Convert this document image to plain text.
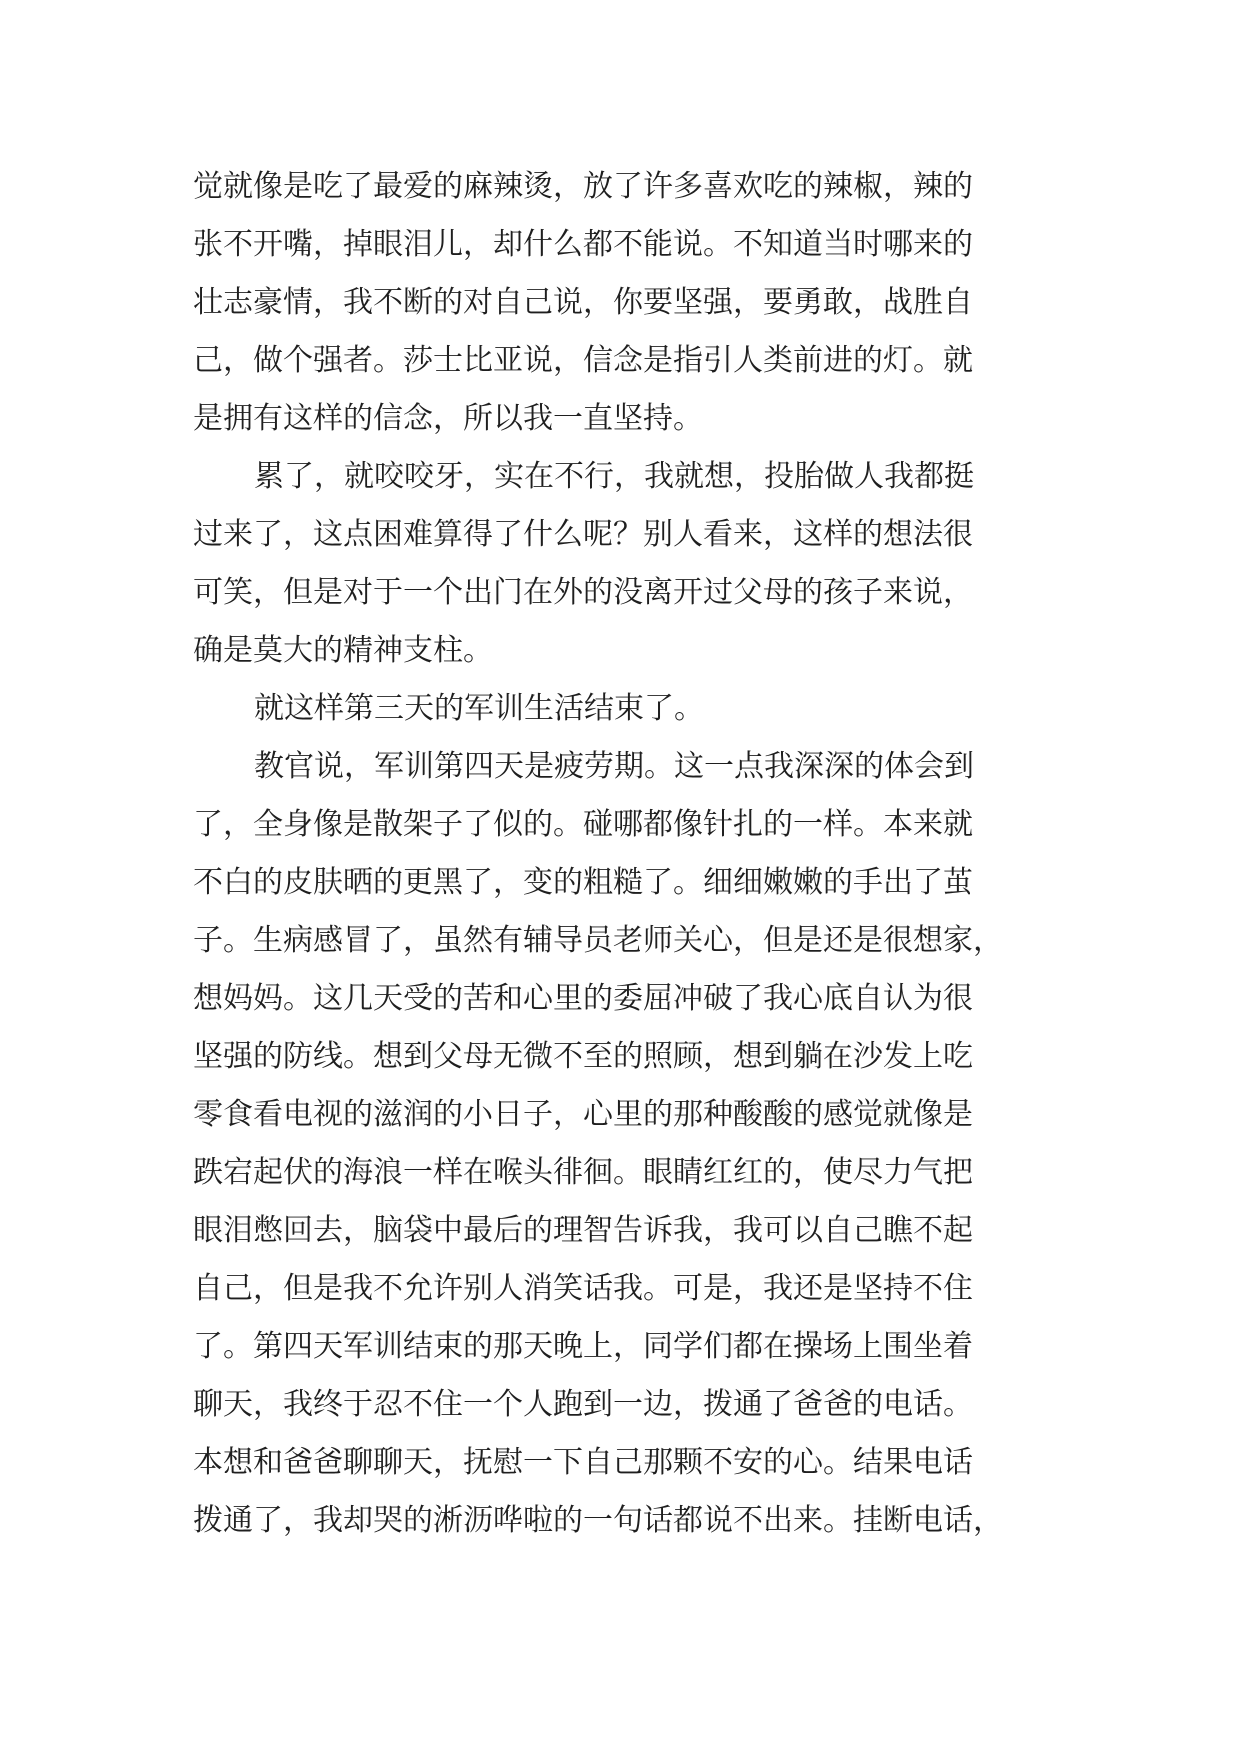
觉就像是吃了最爱的麻辣烫，放了许多喜欢吃的辣椒，辣的
张不开嘴，掉眼泪儿，却什么都不能说。不知道当时哪来的
壮志豪情，我不断的对自己说，你要坚强，要勇敢，战胜自
己，做个强者。莎士比亚说，信念是指引人类前进的灯。就
是拥有这样的信念，所以我一直坚持。
累了，就咬咬牙，实在不行，我就想，投胎做人我都挺
过来了，这点困难算得了什么呢？别人看来，这样的想法很
可笑，但是对于一个出门在外的没离开过父母的孩子来说，
确是莫大的精神支柱。
就这样第三天的军训生活结束了。
教官说，军训第四天是疲劳期。这一点我深深的体会到
了，全身像是散架子了似的。碰哪都像针扎的一样。本来就
不白的皮肤晒的更黑了，变的粗糙了。细细嫩嫩的手出了茧
子。生病感冒了，虽然有辅导员老师关心，但是还是很想家，
想妈妈。这几天受的苦和心里的委屈冲破了我心底自认为很
坚强的防线。想到父母无微不至的照顾，想到躺在沙发上吃
零食看电视的滋润的小日子，心里的那种酸酸的感觉就像是
跌宕起伏的海浪一样在喉头徘徊。眼睛红红的，使尽力气把
眼泪憋回去，脑袋中最后的理智告诉我，我可以自己瞧不起
自己，但是我不允许别人消笑话我。可是，我还是坚持不住
了。第四天军训结束的那天晚上，同学们都在操场上围坐着
聊天，我终于忍不住一个人跑到一边，拨通了爸爸的电话。
本想和爸爸聊聊天，抚慰一下自己那颗不安的心。结果电话
拨通了，我却哭的淅沥哗啦的一句话都说不出来。挂断电话，
